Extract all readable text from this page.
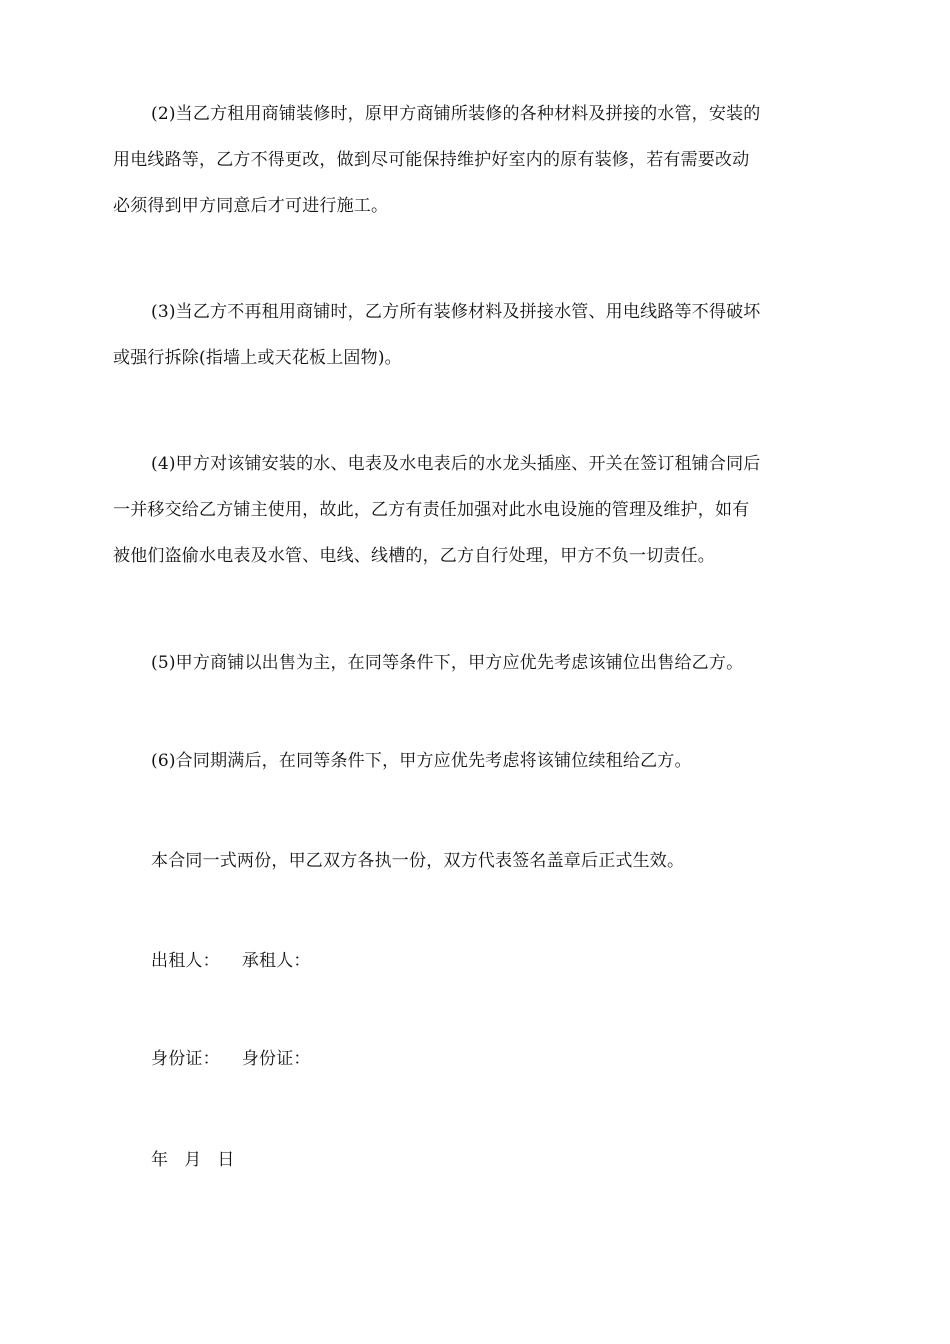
(2)当乙方租用商铺装修时，原甲方商铺所装修的各种材料及拼接的水管，安装的
用电线路等，乙方不得更改，做到尽可能保持维护好室内的原有装修，若有需要改动
必须得到甲方同意后才可进行施工。
(3)当乙方不再租用商铺时，乙方所有装修材料及拼接水管、用电线路等不得破坏
或强行拆除(指墙上或天花板上固物)。
(4)甲方对该铺安装的水、电表及水电表后的水龙头插座、开关在签订租铺合同后
一并移交给乙方铺主使用，故此，乙方有责任加强对此水电设施的管理及维护，如有
被他们盗偷水电表及水管、电线、线槽的，乙方自行处理，甲方不负一切责任。
(5)甲方商铺以出售为主，在同等条件下，甲方应优先考虑该铺位出售给乙方。
(6)合同期满后，在同等条件下，甲方应优先考虑将该铺位续租给乙方。
本合同一式两份，甲乙双方各执一份，双方代表签名盖章后正式生效。
出租人： 承租人：
身份证： 身份证：
年 月 日
